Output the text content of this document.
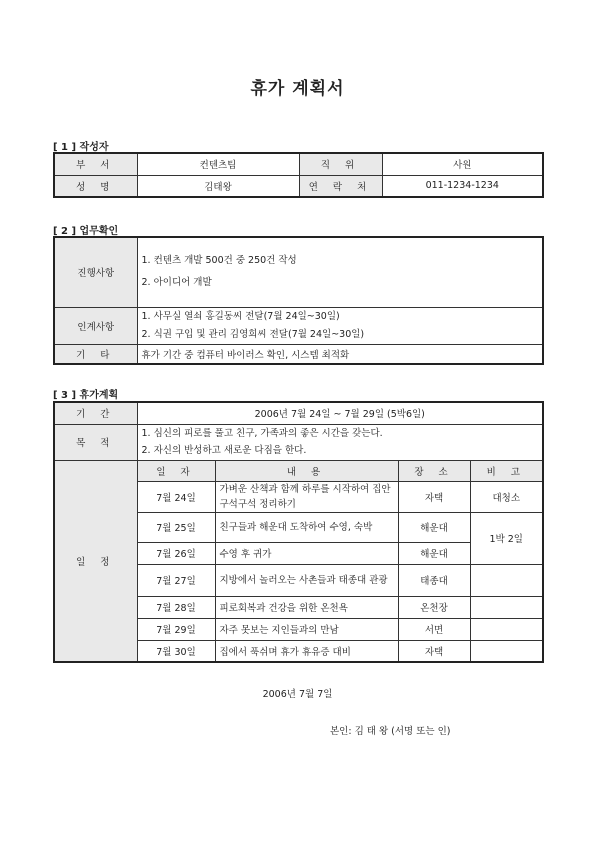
휴가 계획서
[ 1 ] 작성자
부 서	컨텐츠팀	직 위	사원
성 명	김태왕	연 락 처	011-1234-1234
[ 2 ] 업무확인
진행사항	1. 컨텐츠 개발 500건 중 250건 작성
2. 아이디어 개발

인계사항	1. 사무실 열쇠 홍길동씨 전달(7월 24일~30일)
2. 식권 구입 및 관리 김영희씨 전달(7월 24일~30일)

기 타	휴가 기간 중 컴퓨터 바이러스 확인, 시스템 최적화
[ 3 ] 휴가계획
기 간	2006년 7월 24일 ~ 7월 29일 (5박6일)			
목 적	1. 심신의 피로를 풀고 친구, 가족과의 좋은 시간을 갖는다.
2. 자신의 반성하고 새로운 다짐을 한다.			

일 정	일 자	내 용	장 소	비 고
	7월 24일	가벼운 산책과 함께 하루를 시작하여 집안 구석구석 정리하기	자택	대청소
	7월 25일	친구들과 해운대 도착하여 수영, 숙박	해운대	1박 2일
	7월 26일	수영 후 귀가	해운대	
	7월 27일	지방에서 놀러오는 사촌들과 태종대 관광	태종대	
	7월 28일	피로회복과 건강을 위한 온천욕	온천장	
	7월 29일	자주 못보는 지인들과의 만남	서면	
	7월 30일	집에서 푹쉬며 휴가 휴유증 대비	자택	
2006년 7월 7일
본인: 김 태 왕 (서명 또는 인)
